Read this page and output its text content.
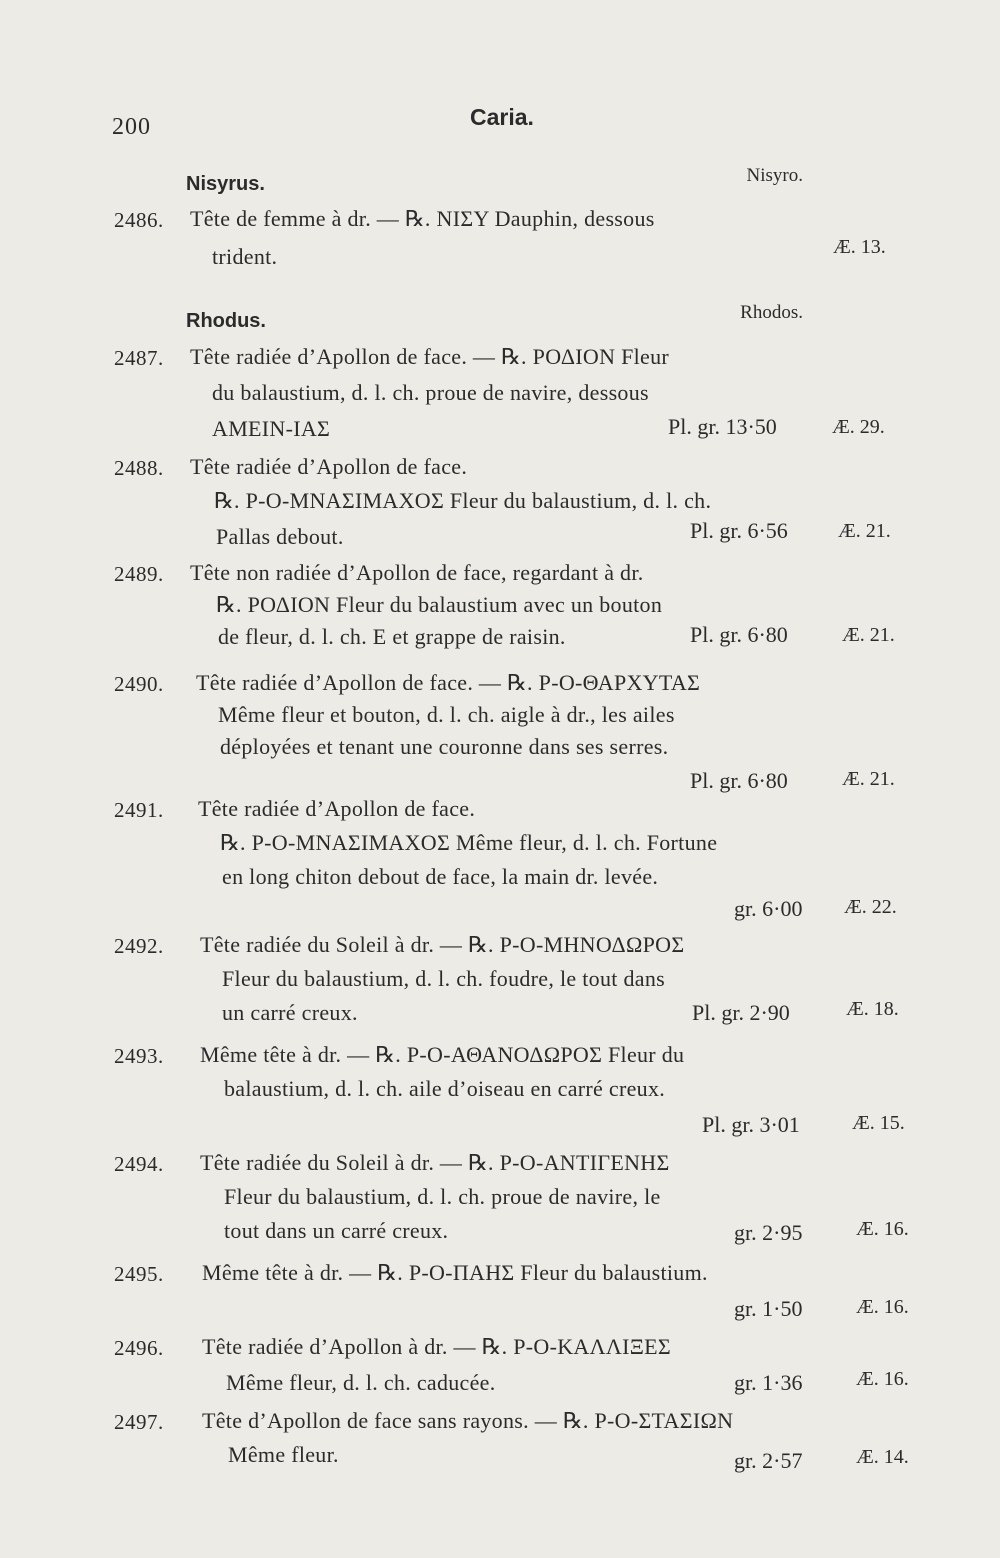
200	Caria.
Nisyrus.	Nisyro.
2486. Tête de femme à dr. — ℞. ΝΙΣΥ Dauphin, dessous
trident.	Æ. 13.
Rhodus.	Rhodos.
2487. Tête radiée d’Apollon de face. — ℞. ΡΟΔΙΟΝ Fleur
du balaustium, d. l. ch. proue de navire, dessous
ΑΜΕΙΝ-ΙΑΣ	Pl. gr. 13·50	Æ. 29.
2488. Tête radiée d’Apollon de face.
℞. Ρ-Ο-ΜΝΑΣΙΜΑΧΟΣ Fleur du balaustium, d. l. ch.
Pallas debout.	Pl. gr. 6·56	Æ. 21.
2489. Tête non radiée d’Apollon de face, regardant à dr.
℞. ΡΟΔΙΟΝ Fleur du balaustium avec un bouton
de fleur, d. l. ch. Ε et grappe de raisin.	Pl. gr. 6·80	Æ. 21.
2490. Tête radiée d’Apollon de face. — ℞. Ρ-Ο-ΘΑΡΧΥΤΑΣ
Même fleur et bouton, d. l. ch. aigle à dr., les ailes
déployées et tenant une couronne dans ses serres.
Pl. gr. 6·80	Æ. 21.
2491. Tête radiée d’Apollon de face.
℞. Ρ-Ο-ΜΝΑΣΙΜΑΧΟΣ Même fleur, d. l. ch. Fortune
en long chiton debout de face, la main dr. levée.
gr. 6·00 Æ. 22.
2492. Tête radiée du Soleil à dr. — ℞. Ρ-Ο-ΜΗΝΟΔΩΡΟΣ
Fleur du balaustium, d. l. ch. foudre, le tout dans
un carré creux.	Pl. gr. 2·90	Æ. 18.
2493. Même tête à dr. — ℞. Ρ-Ο-ΑΘΑΝΟΔΩΡΟΣ Fleur du
balaustium, d. l. ch. aile d’oiseau en carré creux.
Pl. gr. 3·01	Æ. 15.
2494. Tête radiée du Soleil à dr. — ℞. Ρ-Ο-ΑΝΤΙΓΕΝΗΣ
Fleur du balaustium, d. l. ch. proue de navire, le
tout dans un carré creux.	gr. 2·95	Æ. 16.
2495. Même tête à dr. — ℞. Ρ-Ο-ΠΑΗΣ Fleur du balaustium.
gr. 1·50	Æ. 16.
2496. Tête radiée d’Apollon à dr. — ℞. Ρ-Ο-ΚΑΛΛΙΞΕΣ
Même fleur, d. l. ch. caducée.	gr. 1·36	Æ. 16.
2497. Tête d’Apollon de face sans rayons. — ℞. Ρ-Ο-ΣΤΑΣΙΩΝ
Même fleur.	gr. 2·57	Æ. 14.
